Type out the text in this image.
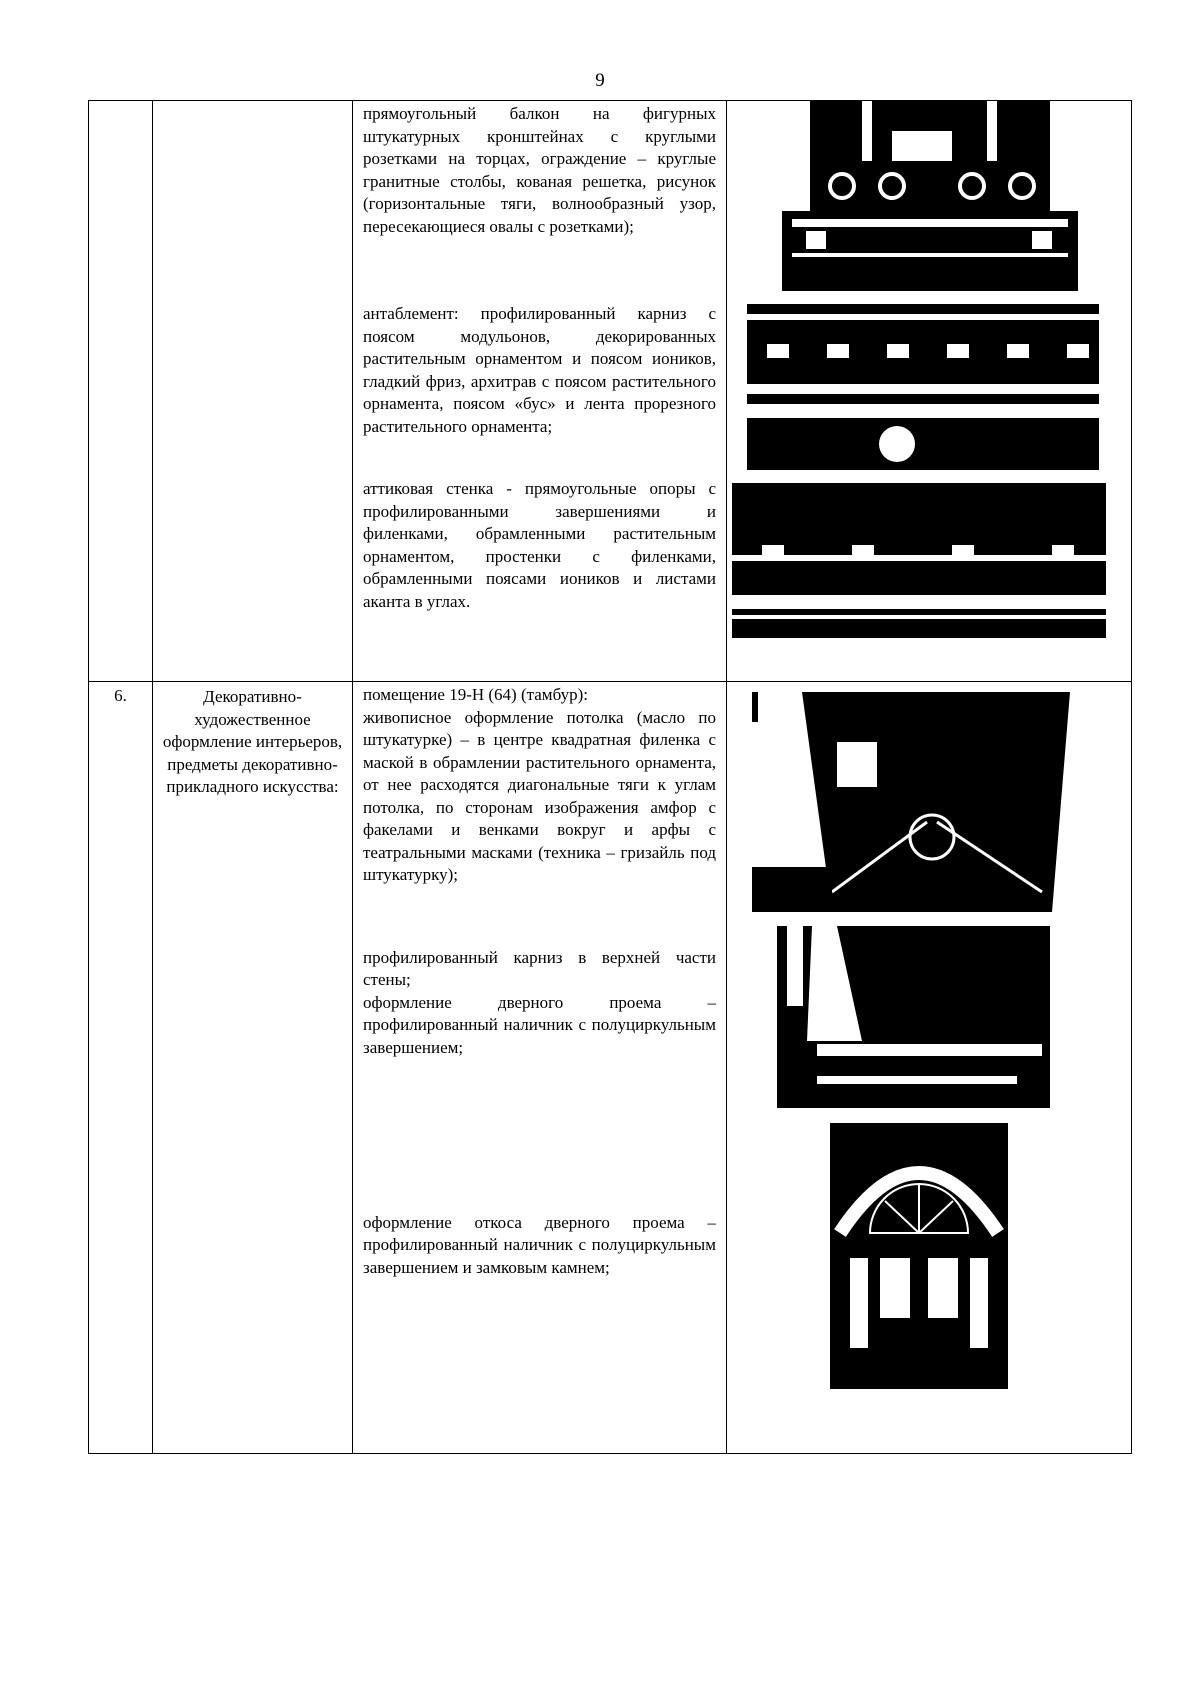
9

		прямоугольный балкон на фигурных штукатурных кронштейнах с круглыми розетками на торцах, ограждение – круглые гранитные столбы, кованая решетка, рисунок (горизонтальные тяги, волнообразный узор, пересекающиеся овалы с розетками);
антаблемент: профилированный карниз с поясом модульонов, декорированных растительным орнаментом и поясом иоников, гладкий фриз, архитрав с поясом растительного орнамента, поясом «бус» и лента прорезного растительного орнамента;
аттиковая стенка - прямоугольные опоры с профилированными завершениями и филенками, обрамленными растительным орнаментом, простенки с филенками, обрамленными поясами иоников и листами аканта в углах.

6.	Декоративно-художественное оформление интерьеров, предметы декоративно-прикладного искусства:	помещение 19-Н (64) (тамбур):
живописное оформление потолка (масло по штукатурке) – в центре квадратная филенка с маской в обрамлении растительного орнамента, от нее расходятся диагональные тяги к углам потолка, по сторонам изображения амфор с факелами и венками вокруг и арфы с театральными масками (техника – гризайль под штукатурку);
профилированный карниз в верхней части стены;
оформление дверного проема – профилированный наличник с полуциркульным завершением;
оформление откоса дверного проема – профилированный наличник с полуциркульным завершением и замковым камнем;
